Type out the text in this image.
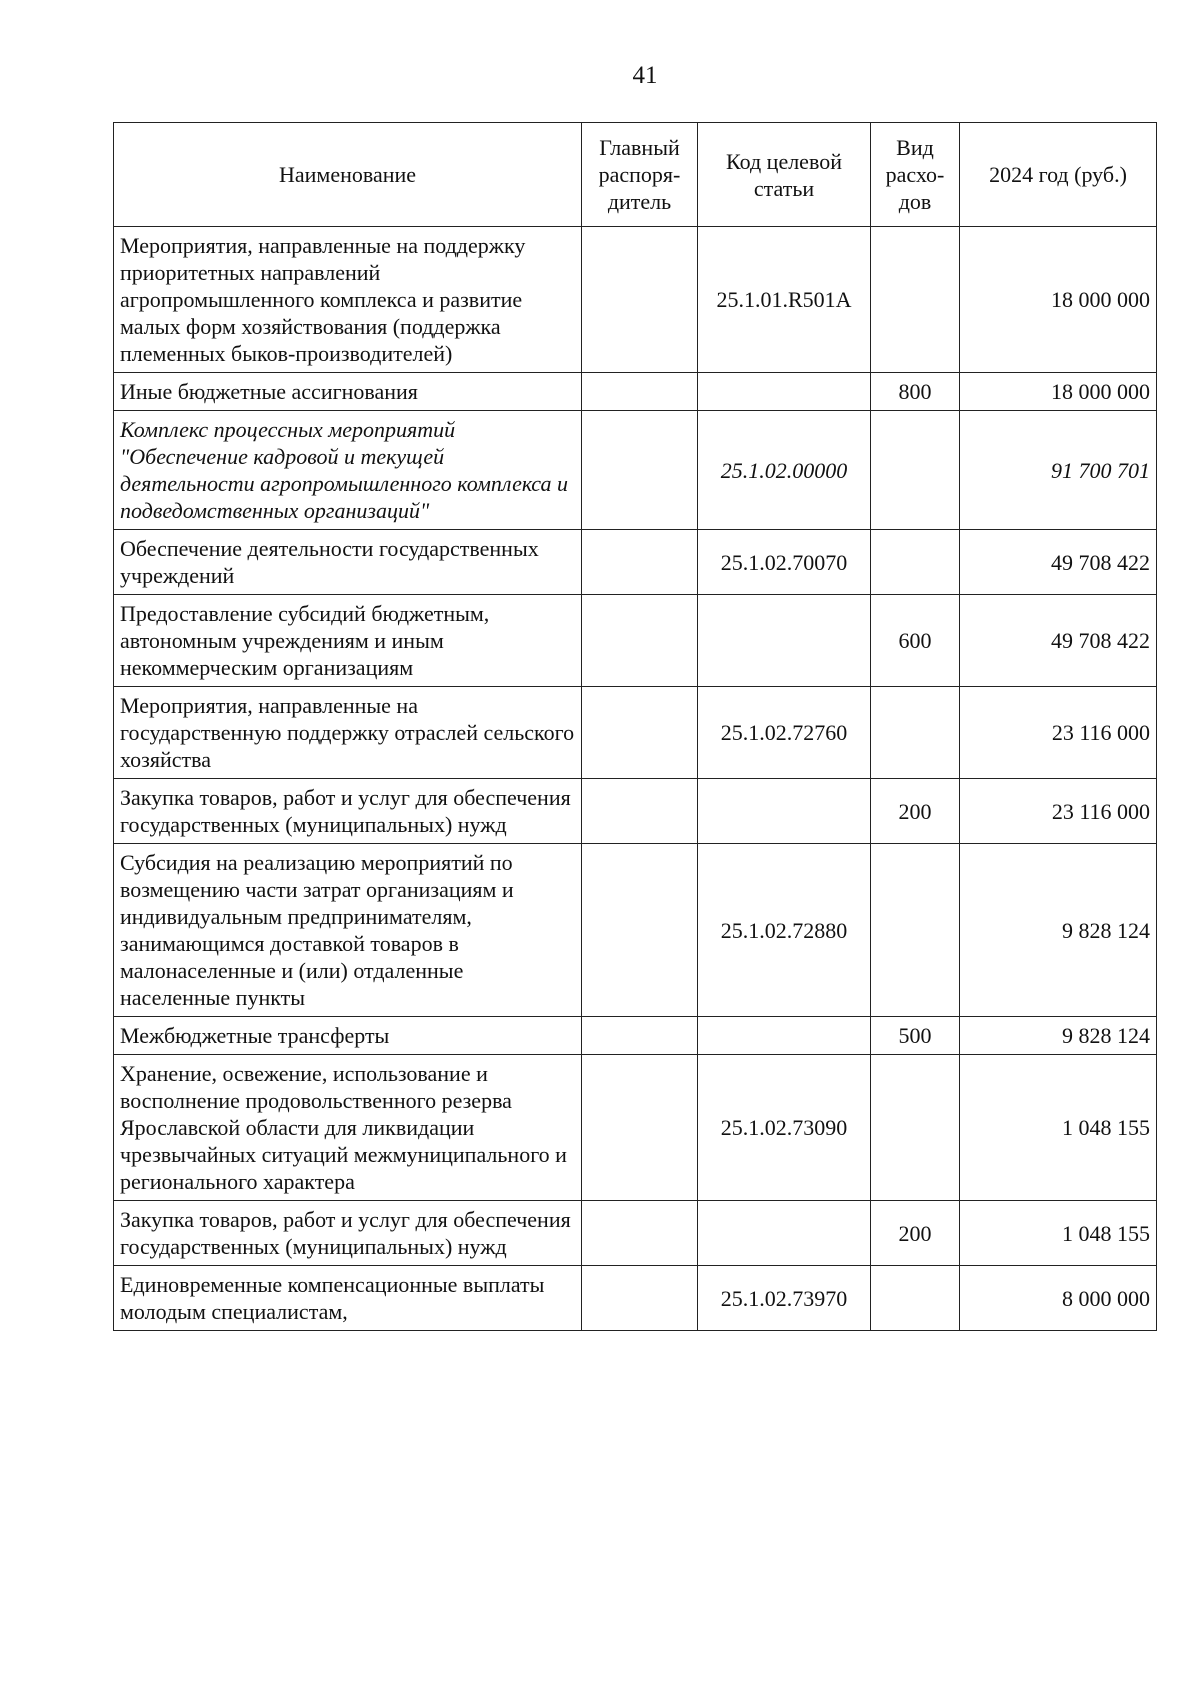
41
Наименование	Главный распоря-дитель	Код целевой статьи	Вид расхо-дов	2024 год (руб.)
Мероприятия, направленные на поддержку приоритетных направлений агропромышленного комплекса и развитие малых форм хозяйствования (поддержка племенных быков-производителей)		25.1.01.R501A		18 000 000
Иные бюджетные ассигнования			800	18 000 000
Комплекс процессных мероприятий "Обеспечение кадровой и текущей деятельности агропромышленного комплекса и подведомственных организаций"		25.1.02.00000		91 700 701
Обеспечение деятельности государственных учреждений		25.1.02.70070		49 708 422
Предоставление субсидий бюджетным, автономным учреждениям и иным некоммерческим организациям			600	49 708 422
Мероприятия, направленные на государственную поддержку отраслей сельского хозяйства		25.1.02.72760		23 116 000
Закупка товаров, работ и услуг для обеспечения государственных (муниципальных) нужд			200	23 116 000
Субсидия на реализацию мероприятий по возмещению части затрат организациям и индивидуальным предпринимателям, занимающимся доставкой товаров в малонаселенные и (или) отдаленные населенные пункты		25.1.02.72880		9 828 124
Межбюджетные трансферты			500	9 828 124
Хранение, освежение, использование и восполнение продовольственного резерва Ярославской области для ликвидации чрезвычайных ситуаций межмуниципального и регионального характера		25.1.02.73090		1 048 155
Закупка товаров, работ и услуг для обеспечения государственных (муниципальных) нужд			200	1 048 155
Единовременные компенсационные выплаты молодым специалистам,		25.1.02.73970		8 000 000
